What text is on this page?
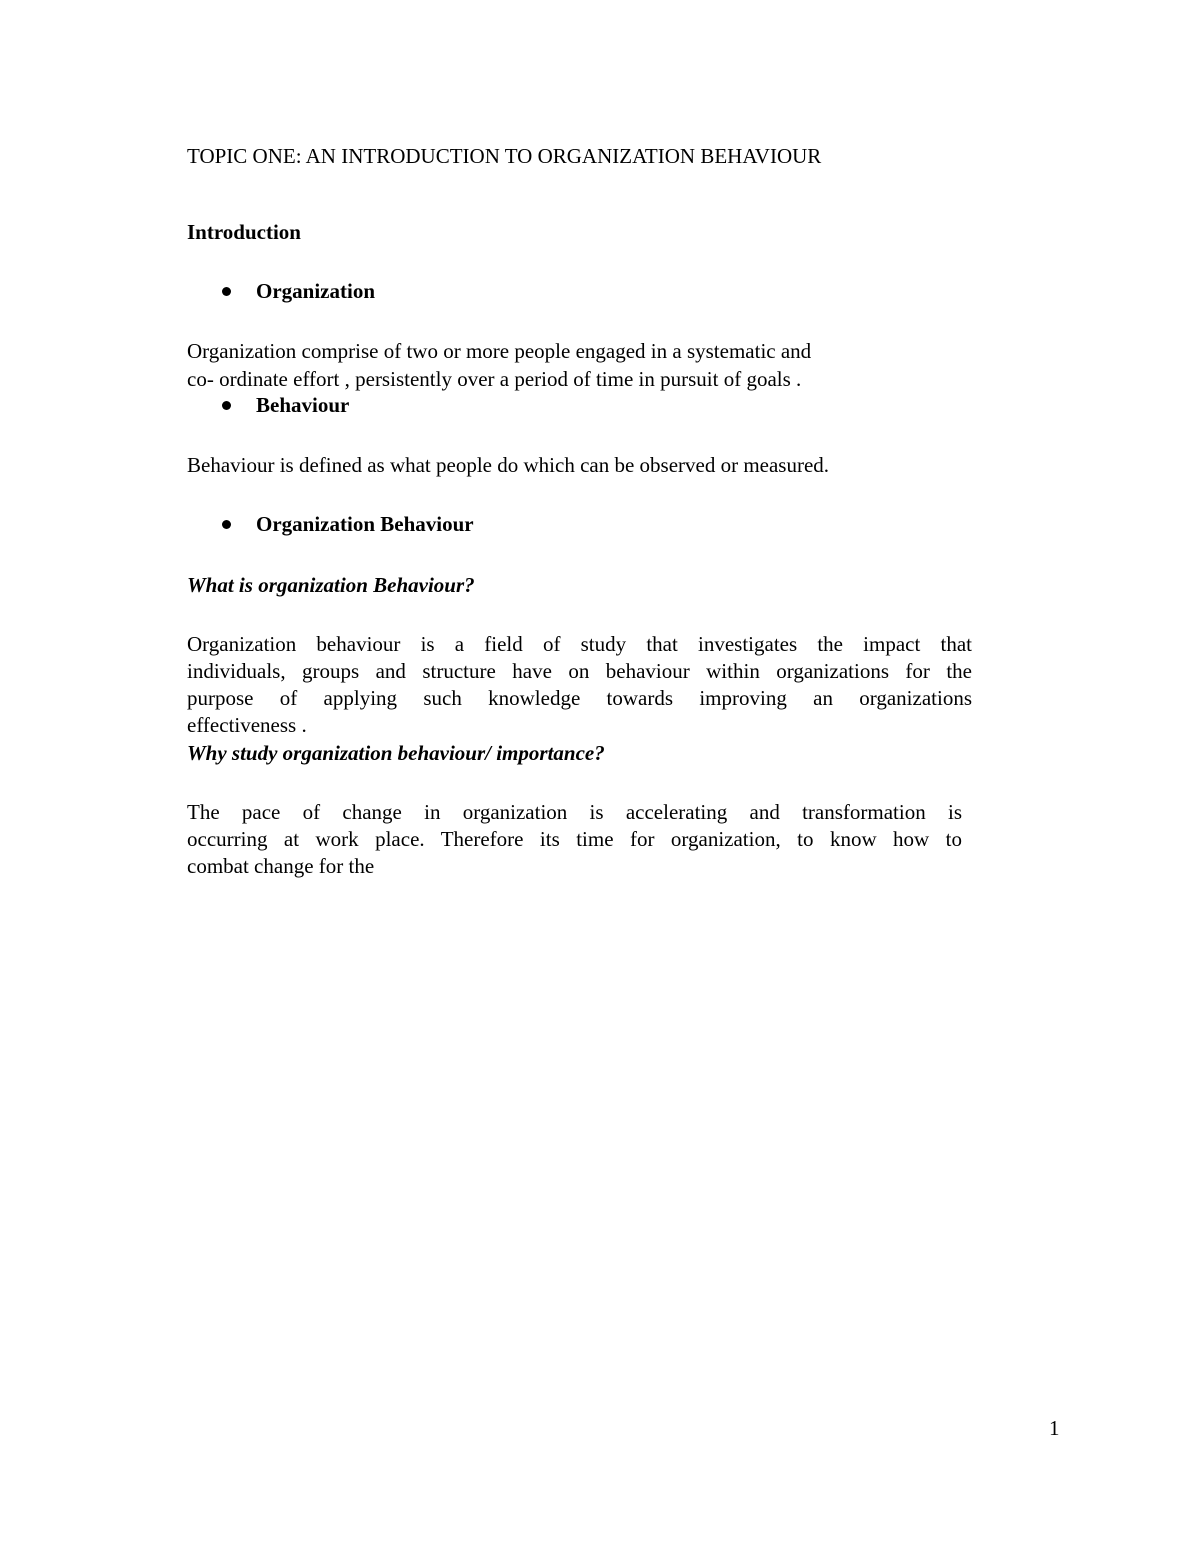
TOPIC ONE: AN INTRODUCTION TO ORGANIZATION BEHAVIOUR
Introduction
Organization
Organization comprise of two or more people engaged in a systematic and
co- ordinate effort , persistently over a period of time in pursuit of goals .
Behaviour
Behaviour is defined as what people do which can be observed or measured.
Organization Behaviour
What is organization Behaviour?
Organization behaviour is a field of study that investigates the impact that
individuals, groups and structure have on behaviour within organizations for the
purpose of applying such knowledge towards improving an organizations
effectiveness .
Why study organization behaviour/ importance?
The pace of change in organization is accelerating and transformation is
occurring at work place. Therefore its time for organization, to know how to
combat change for the
1
